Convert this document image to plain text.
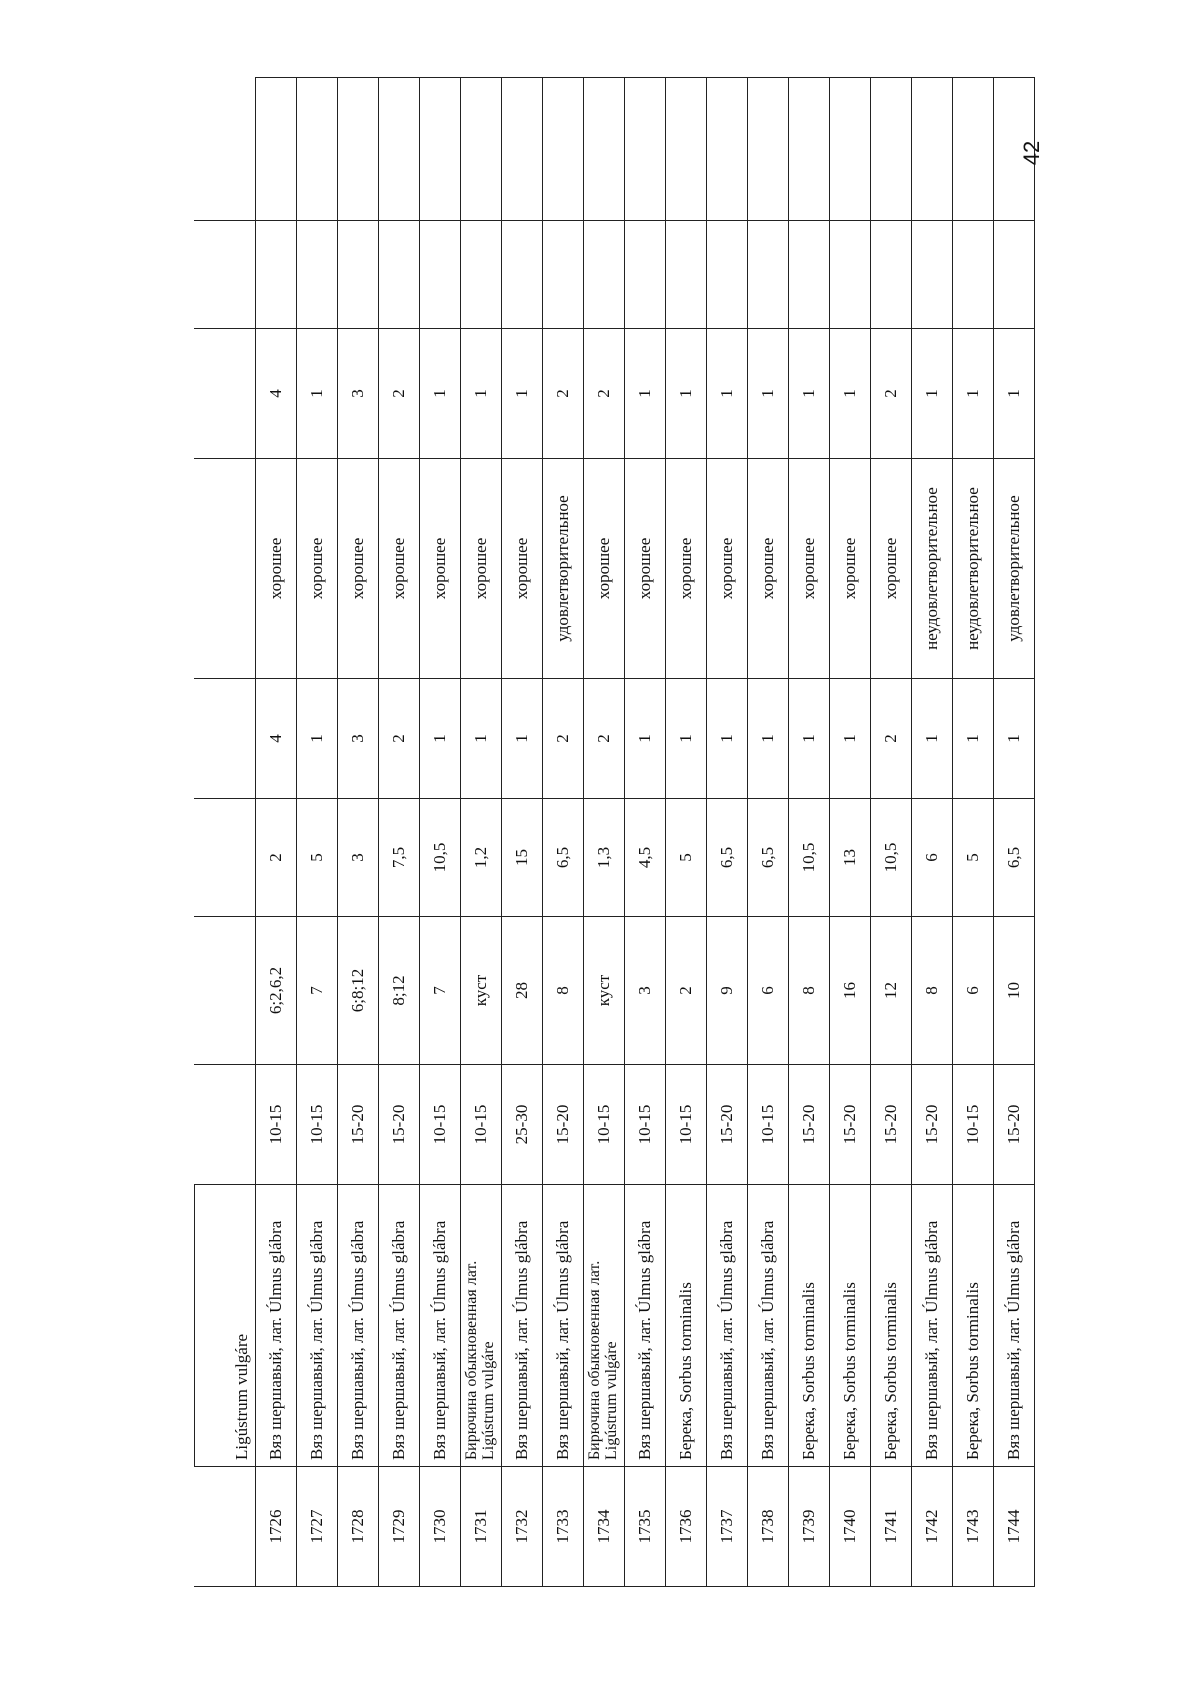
	Ligústrum vulgáre								
1726	Вяз шершавый, лат. Úlmus glábra	10-15	6;2,6,2	2	4	хорошее	4		
1727	Вяз шершавый, лат. Úlmus glábra	10-15	7	5	1	хорошее	1		
1728	Вяз шершавый, лат. Úlmus glábra	15-20	6;8;12	3	3	хорошее	3		
1729	Вяз шершавый, лат. Úlmus glábra	15-20	8;12	7,5	2	хорошее	2		
1730	Вяз шершавый, лат. Úlmus glábra	10-15	7	10,5	1	хорошее	1		
1731	Бирючина обыкновенная лат. Ligústrum vulgáre	10-15	куст	1,2	1	хорошее	1		
1732	Вяз шершавый, лат. Úlmus glábra	25-30	28	15	1	хорошее	1		
1733	Вяз шершавый, лат. Úlmus glábra	15-20	8	6,5	2	удовлетворительное	2		
1734	Бирючина обыкновенная лат. Ligústrum vulgáre	10-15	куст	1,3	2	хорошее	2		
1735	Вяз шершавый, лат. Úlmus glábra	10-15	3	4,5	1	хорошее	1		
1736	Берека, Sorbus torminalis	10-15	2	5	1	хорошее	1		
1737	Вяз шершавый, лат. Úlmus glábra	15-20	9	6,5	1	хорошее	1		
1738	Вяз шершавый, лат. Úlmus glábra	10-15	6	6,5	1	хорошее	1		
1739	Берека, Sorbus torminalis	15-20	8	10,5	1	хорошее	1		
1740	Берека, Sorbus torminalis	15-20	16	13	1	хорошее	1		
1741	Берека, Sorbus torminalis	15-20	12	10,5	2	хорошее	2		
1742	Вяз шершавый, лат. Úlmus glábra	15-20	8	6	1	неудовлетворительное	1		
1743	Берека, Sorbus torminalis	10-15	6	5	1	неудовлетворительное	1		
1744	Вяз шершавый, лат. Úlmus glábra	15-20	10	6,5	1	удовлетворительное	1		
42
